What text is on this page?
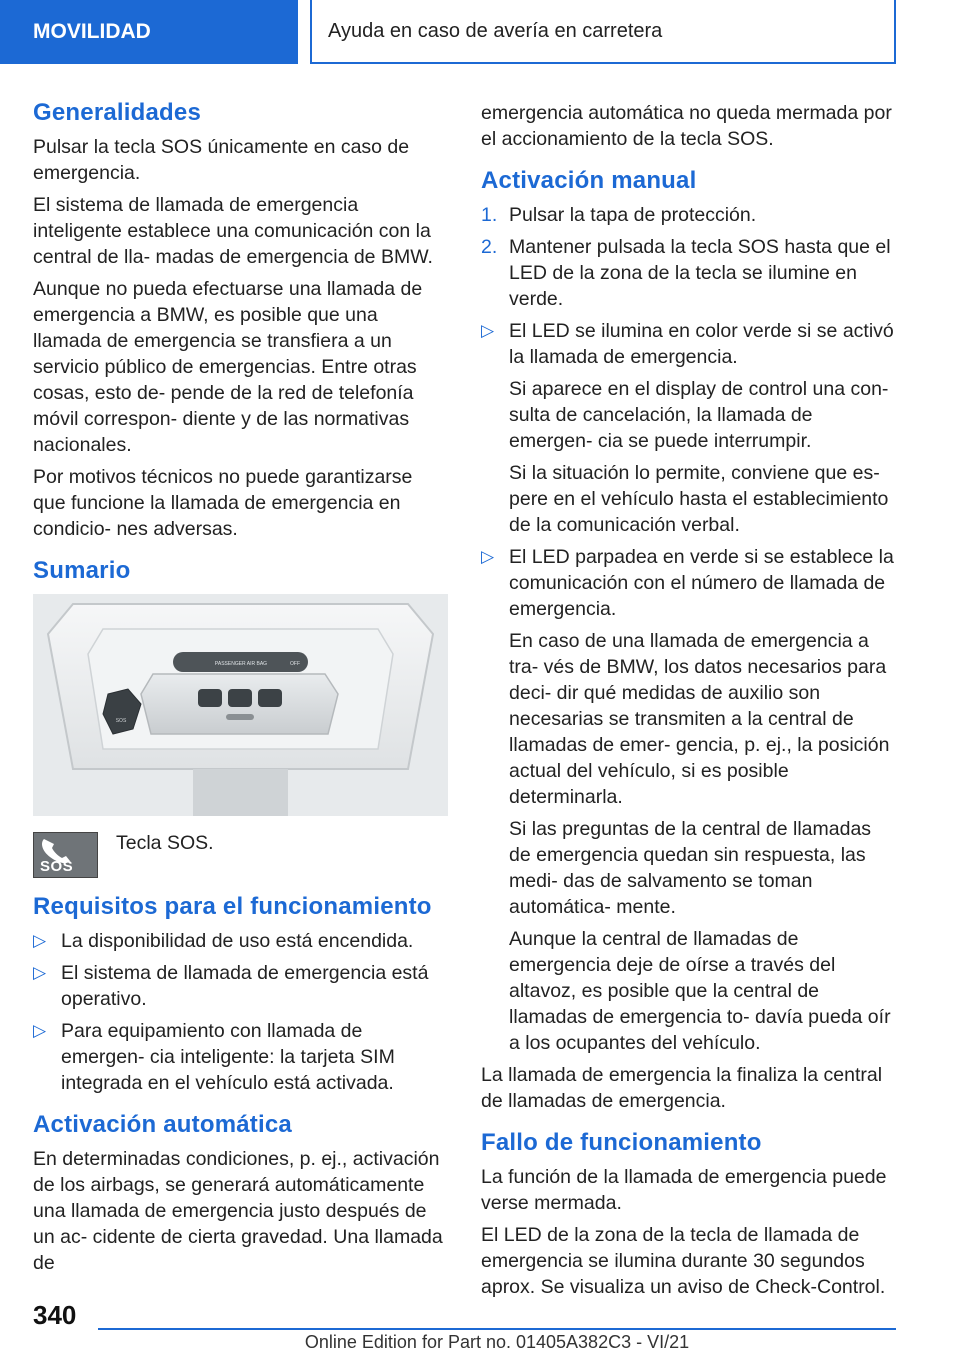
MOVILIDAD	Ayuda en caso de avería en carretera
Generalidades

Pulsar la tecla SOS únicamente en caso de emergencia.

El sistema de llamada de emergencia inteligente establece una comunicación con la central de lla‐ madas de emergencia de BMW.

Aunque no pueda efectuarse una llamada de emergencia a BMW, es posible que una llamada de emergencia se transfiera a un servicio público de emergencias. Entre otras cosas, esto de‐ pende de la red de telefonía móvil correspon‐ diente y de las normativas nacionales.

Por motivos técnicos no puede garantizarse que funcione la llamada de emergencia en condicio‐ nes adversas.

Sumario
PASSENGER AIR BAG	OFF
SOS
SOS
Tecla SOS.
Requisitos para el funcionamiento
▷ La disponibilidad de uso está encendida.
▷ El sistema de llamada de emergencia está operativo.
▷ Para equipamiento con llamada de emergen‐ cia inteligente: la tarjeta SIM integrada en el vehículo está activada.
Activación automática

En determinadas condiciones, p. ej., activación de los airbags, se generará automáticamente una llamada de emergencia justo después de un ac‐ cidente de cierta gravedad. Una llamada de

emergencia automática no queda mermada por el accionamiento de la tecla SOS.

Activación manual
1. Pulsar la tapa de protección.
2. Mantener pulsada la tecla SOS hasta que el LED de la zona de la tecla se ilumine en verde.
▷ El LED se ilumina en color verde si se activó la llamada de emergencia.

Si aparece en el display de control una con‐ sulta de cancelación, la llamada de emergen‐ cia se puede interrumpir.

Si la situación lo permite, conviene que es‐ pere en el vehículo hasta el establecimiento de la comunicación verbal.

▷ El LED parpadea en verde si se establece la comunicación con el número de llamada de emergencia.

En caso de una llamada de emergencia a tra‐ vés de BMW, los datos necesarios para deci‐ dir qué medidas de auxilio son necesarias se transmiten a la central de llamadas de emer‐ gencia, p. ej., la posición actual del vehículo, si es posible determinarla.

Si las preguntas de la central de llamadas de emergencia quedan sin respuesta, las medi‐ das de salvamento se toman automática‐ mente.

Aunque la central de llamadas de emergencia deje de oírse a través del altavoz, es posible que la central de llamadas de emergencia to‐ davía pueda oír a los ocupantes del vehículo.

La llamada de emergencia la finaliza la central de llamadas de emergencia.

Fallo de funcionamiento

La función de la llamada de emergencia puede verse mermada.

El LED de la zona de la tecla de llamada de emergencia se ilumina durante 30 segundos aprox. Se visualiza un aviso de Check-Control.

340
Online Edition for Part no. 01405A382C3 - VI/21
